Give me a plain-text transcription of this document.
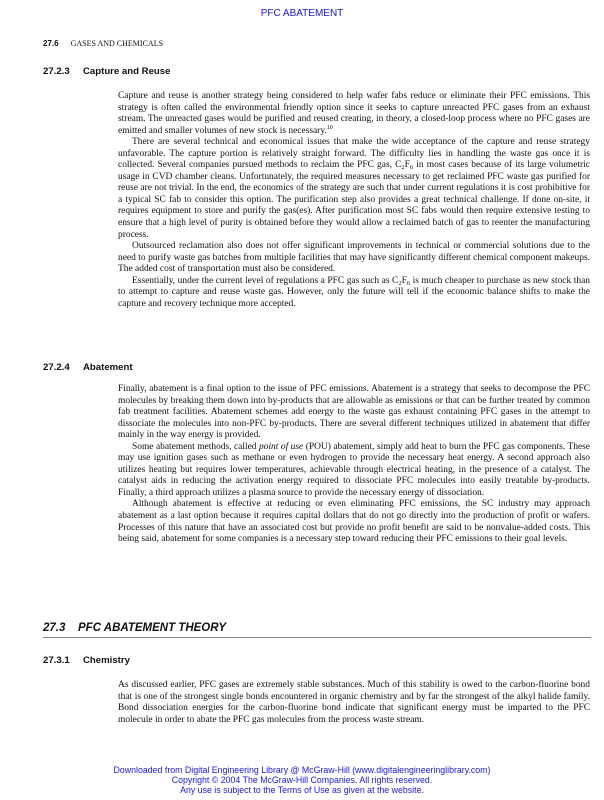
PFC ABATEMENT
27.6 GASES AND CHEMICALS
27.2.3 Capture and Reuse

Capture and reuse is another strategy being considered to help wafer fabs reduce or eliminate their PFC emissions. This strategy is often called the environmental friendly option since it seeks to capture unreacted PFC gases from an exhaust stream. The unreacted gases would be purified and reused creating, in theory, a closed-loop process where no PFC gases are emitted and smaller volumes of new stock is necessary.$^{10}$

There are several technical and economical issues that make the wide acceptance of the capture and reuse strategy unfavorable. The capture portion is relatively straight forward. The difficulty lies in handling the waste gas once it is collected. Several companies pursued methods to reclaim the PFC gas, $C_2F_6$ in most cases because of its large volumetric usage in CVD chamber cleans. Unfortunately, the required measures necessary to get reclaimed PFC waste gas purified for reuse are not trivial. In the end, the economics of the strategy are such that under current regulations it is cost prohibitive for a typical SC fab to consider this option. The purification step also provides a great technical challenge. If done on-site, it requires equipment to store and purify the gas(es). After purification most SC fabs would then require extensive testing to ensure that a high level of purity is obtained before they would allow a reclaimed batch of gas to reenter the manufacturing process.

Outsourced reclamation also does not offer significant improvements in technical or commercial solutions due to the need to purify waste gas batches from multiple facilities that may have significantly different chemical component makeups. The added cost of transportation must also be considered.

Essentially, under the current level of regulations a PFC gas such as $C_2F_6$ is much cheaper to purchase as new stock than to attempt to capture and reuse waste gas. However, only the future will tell if the economic balance shifts to make the capture and recovery technique more accepted.

27.2.4 Abatement

Finally, abatement is a final option to the issue of PFC emissions. Abatement is a strategy that seeks to decompose the PFC molecules by breaking them down into by-products that are allowable as emissions or that can be further treated by common fab treatment facilities. Abatement schemes add energy to the waste gas exhaust containing PFC gases in the attempt to dissociate the molecules into non-PFC by-products. There are several different techniques utilized in abatement that differ mainly in the way energy is provided.

Some abatement methods, called point of use (POU) abatement, simply add heat to burn the PFC gas components. These may use ignition gases such as methane or even hydrogen to provide the necessary heat energy. A second approach also utilizes heating but requires lower temperatures, achievable through electrical heating, in the presence of a catalyst. The catalyst aids in reducing the activation energy required to dissociate PFC molecules into easily treatable by-products. Finally, a third approach utilizes a plasma source to provide the necessary energy of dissociation.

Although abatement is effective at reducing or even eliminating PFC emissions, the SC industry may approach abatement as a last option because it requires capital dollars that do not go directly into the production of profit or wafers. Processes of this nature that have an associated cost but provide no profit benefit are said to be nonvalue-added costs. This being said, abatement for some companies is a necessary step toward reducing their PFC emissions to their goal levels.

27.3 PFC ABATEMENT THEORY
27.3.1 Chemistry

As discussed earlier, PFC gases are extremely stable substances. Much of this stability is owed to the carbon-fluorine bond that is one of the strongest single bonds encountered in organic chemistry and by far the strongest of the alkyl halide family. Bond dissociation energies for the carbon-fluorine bond indicate that significant energy must be imparted to the PFC molecule in order to abate the PFC gas molecules from the process waste stream.

Downloaded from Digital Engineering Library @ McGraw-Hill (www.digitalengineeringlibrary.com)
Copyright © 2004 The McGraw-Hill Companies. All rights reserved.
Any use is subject to the Terms of Use as given at the website.
